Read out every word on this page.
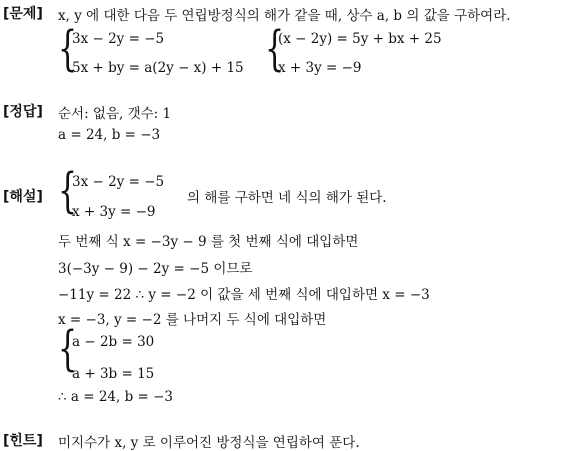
[문제] x, y 에 대한 다음 두 연립방정식의 해가 같을 때, 상수 a, b 의 값을 구하여라.
{
3x − 2y = −5
5x + by = a(2y − x) + 15 {
(x − 2y) = 5y + bx + 25
x + 3y = −9
[정답] 순서: 없음, 갯수: 1
a = 24, b = −3
[해설] {
3x − 2y = −5
x + 3y = −9
의 해를 구하면 네 식의 해가 된다.
두 번째 식 x = −3y − 9 를 첫 번째 식에 대입하면
3(−3y − 9) − 2y = −5 이므로
−11y = 22 ∴ y = −2 이 값을 세 번째 식에 대입하면 x = −3
x = −3, y = −2 를 나머지 두 식에 대입하면
{
a − 2b = 30
a + 3b = 15
∴ a = 24, b = −3
[힌트] 미지수가 x, y 로 이루어진 방정식을 연립하여 푼다.
